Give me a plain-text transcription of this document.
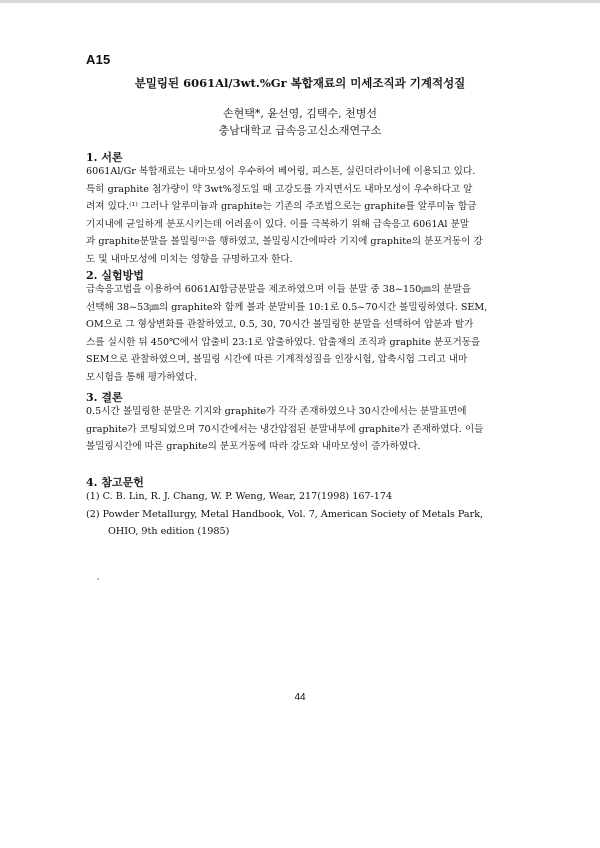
A15
분밀링된 6061Al/3wt.%Gr 복합재료의 미세조직과 기계적성질
손현택*, 윤선영, 김택수, 천병선
충남대학교 급속응고신소재연구소
1. 서론
6061Al/Gr 복합재료는 내마모성이 우수하여 베어링, 피스톤, 실린더라이너에 이용되고 있다.
특히 graphite 첨가량이 약 3wt%정도일 때 고강도를 가지면서도 내마모성이 우수하다고 알
려져 있다.⁽¹⁾ 그러나 알루미늄과 graphite는 기존의 주조법으로는 graphite를 알루미늄 합금
기지내에 균일하게 분포시키는데 어려움이 있다. 이를 극복하기 위해 급속응고 6061Al 분말
과 graphite분말을 볼밀링⁽²⁾을 행하였고, 볼밀링시간에따라 기지에 graphite의 분포거동이 강
도 및 내마모성에 미치는 영향을 규명하고자 한다.
2. 실험방법
급속응고법을 이용하여 6061Al합금분말을 제조하였으며 이들 분말 중 38~150㎛의 분말을
선택해 38~53㎛의 graphite와 함께 볼과 분말비를 10:1로 0.5~70시간 볼밀링하였다. SEM,
OM으로 그 형상변화를 관찰하였고, 0.5, 30, 70시간 볼밀링한 분말을 선택하여 압분과 탈가
스를 실시한 뒤 450℃에서 압출비 23:1로 압출하였다. 압출재의 조직과 graphite 분포거동을
SEM으로 관찰하였으며, 볼밀링 시간에 따른 기계적성질을 인장시험, 압축시험 그리고 내마
모시험을 통해 평가하였다.
3. 결론
0.5시간 볼밀링한 분말은 기지와 graphite가 각각 존재하였으나 30시간에서는 분말표면에
graphite가 코팅되었으며 70시간에서는 냉간압접된 분말내부에 graphite가 존재하였다. 이들
볼밀링시간에 따른 graphite의 분포거동에 따라 강도와 내마모성이 증가하였다.
4. 참고문헌
(1) C. B. Lin, R. J. Chang, W. P. Weng, Wear, 217(1998) 167-174
(2) Powder Metallurgy, Metal Handbook, Vol. 7, American Society of Metals Park,
OHIO, 9th edition (1985)
44
